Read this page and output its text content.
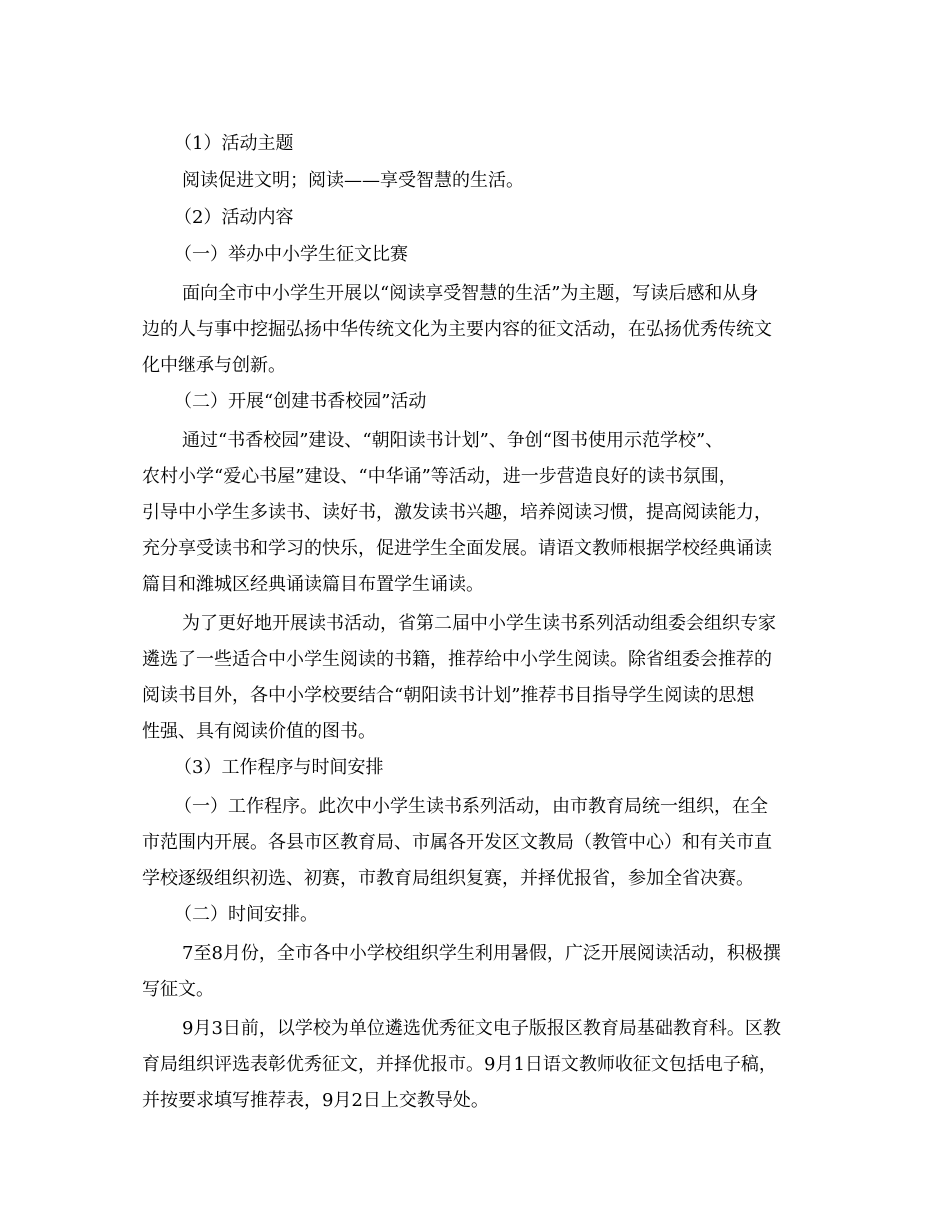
（1）活动主题
阅读促进文明；阅读——享受智慧的生活。
（2）活动内容
（一）举办中小学生征文比赛
面向全市中小学生开展以“阅读享受智慧的生活”为主题，写读后感和从身
边的人与事中挖掘弘扬中华传统文化为主要内容的征文活动，在弘扬优秀传统文
化中继承与创新。
（二）开展“创建书香校园”活动
通过“书香校园”建设、“朝阳读书计划”、争创“图书使用示范学校”、
农村小学“爱心书屋”建设、“中华诵”等活动，进一步营造良好的读书氛围，
引导中小学生多读书、读好书，激发读书兴趣，培养阅读习惯，提高阅读能力，
充分享受读书和学习的快乐，促进学生全面发展。请语文教师根据学校经典诵读
篇目和潍城区经典诵读篇目布置学生诵读。
为了更好地开展读书活动，省第二届中小学生读书系列活动组委会组织专家
遴选了一些适合中小学生阅读的书籍，推荐给中小学生阅读。除省组委会推荐的
阅读书目外，各中小学校要结合“朝阳读书计划”推荐书目指导学生阅读的思想
性强、具有阅读价值的图书。
（3）工作程序与时间安排
（一）工作程序。此次中小学生读书系列活动，由市教育局统一组织，在全
市范围内开展。各县市区教育局、市属各开发区文教局（教管中心）和有关市直
学校逐级组织初选、初赛，市教育局组织复赛，并择优报省，参加全省决赛。
（二）时间安排。
7至8月份，全市各中小学校组织学生利用暑假，广泛开展阅读活动，积极撰
写征文。
9月3日前，以学校为单位遴选优秀征文电子版报区教育局基础教育科。区教
育局组织评选表彰优秀征文，并择优报市。9月1日语文教师收征文包括电子稿，
并按要求填写推荐表，9月2日上交教导处。
